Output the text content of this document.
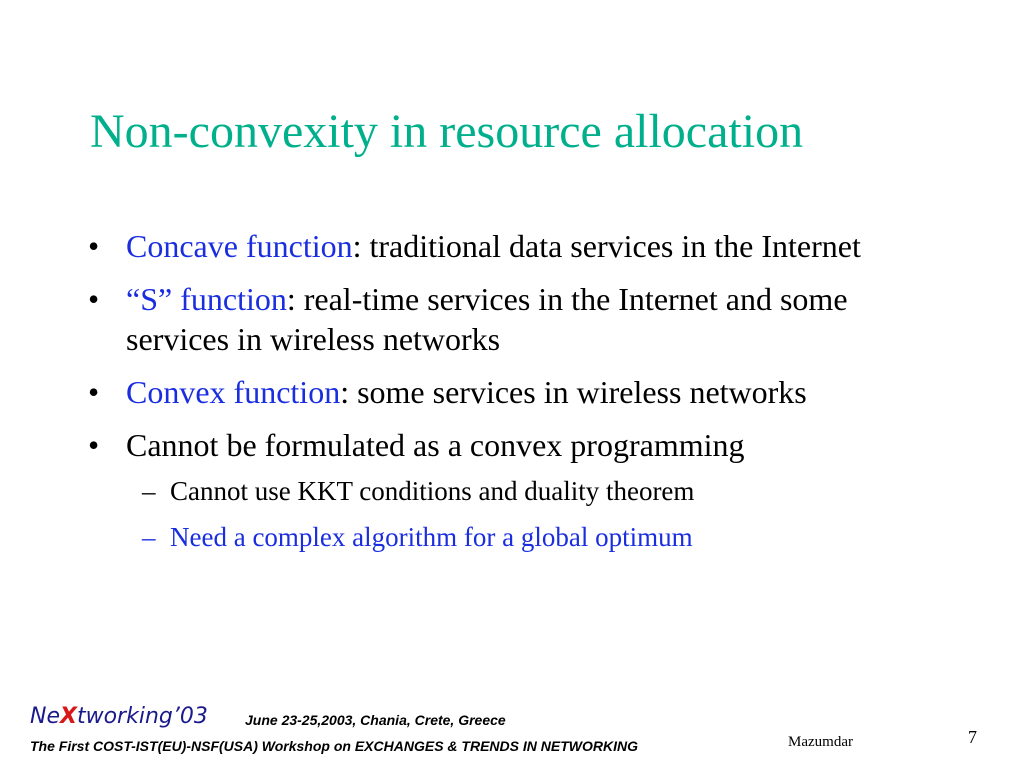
Non-convexity in resource allocation
• Concave function: traditional data services in the Internet
• “S” function: real-time services in the Internet and some services in wireless networks
• Convex function: some services in wireless networks
• Cannot be formulated as a convex programming
– Cannot use KKT conditions and duality theorem
– Need a complex algorithm for a global optimum
NeXtworking’03	June 23-25,2003, Chania, Crete, Greece
The First COST-IST(EU)-NSF(USA) Workshop on EXCHANGES & TRENDS IN NETWORKING	Mazumdar	7
